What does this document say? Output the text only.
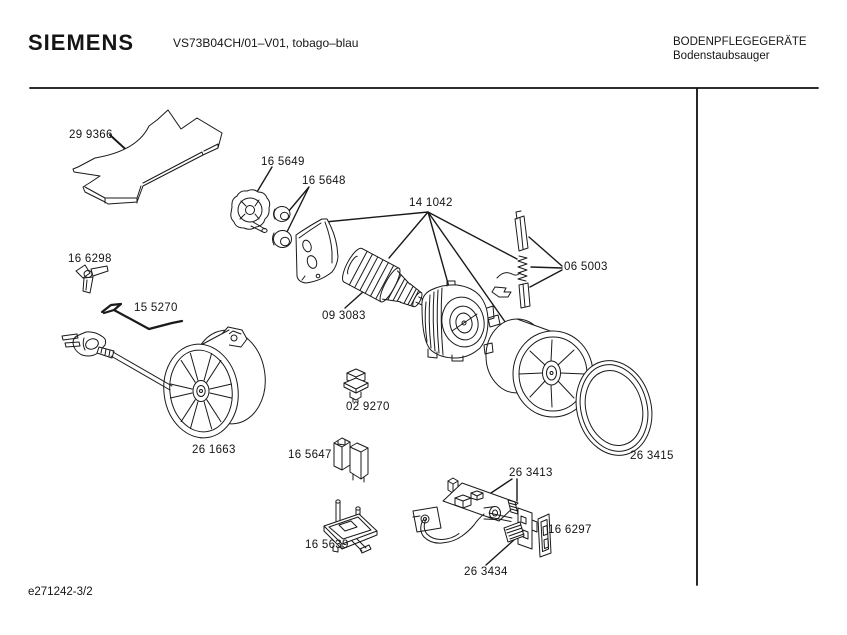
SIEMENS	VS73B04CH/01–V01, tobago–blau	BODENPFLEGEGERÄTE
Bodenstaubsauger
29 9366
16 5649
16 5648
14 1042
16 6298
15 5270
09 3083
06 5003
02 9270
26 1663	16 5647	26 3415
26 3413
16 6297
16 5639
26 3434
e271242-3/2
